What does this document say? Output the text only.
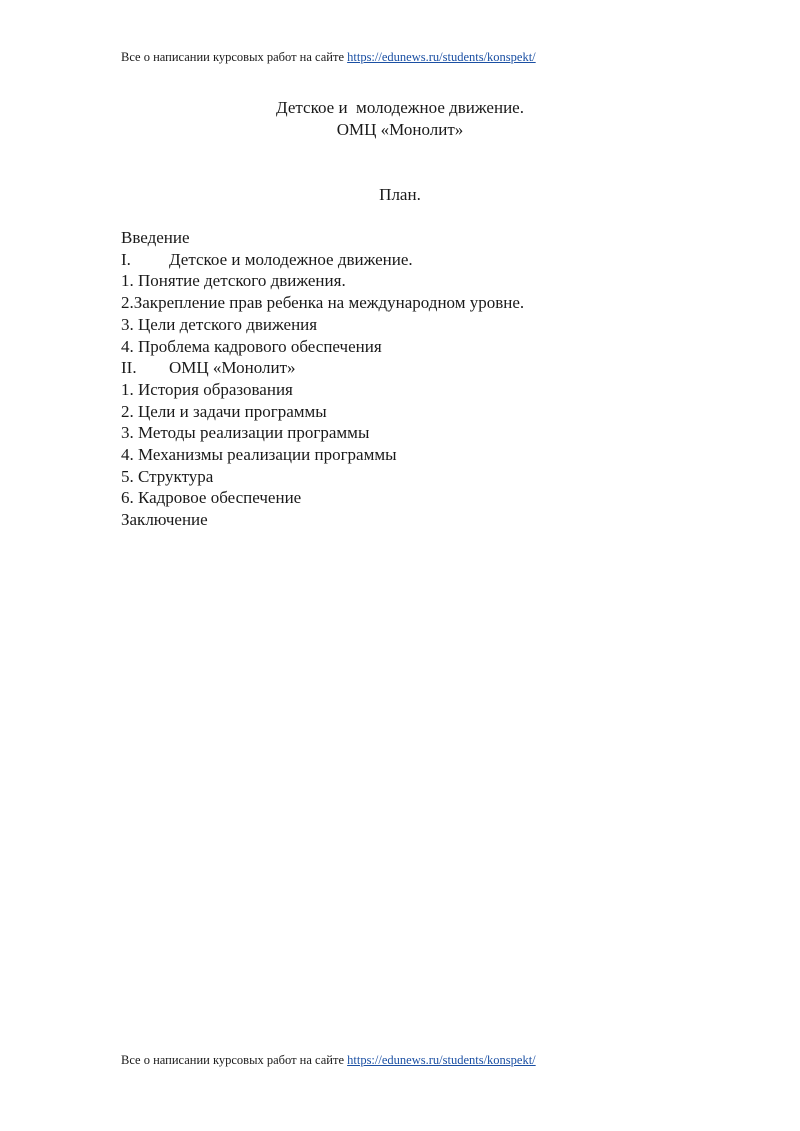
Все о написании курсовых работ на сайте https://edunews.ru/students/konspekt/
Детское и  молодежное движение.
ОМЦ «Монолит»
План.
Введение
I. Детское и молодежное движение.
1. Понятие детского движения.
2.Закрепление прав ребенка на международном уровне.
3. Цели детского движения
4. Проблема кадрового обеспечения
II. ОМЦ «Монолит»
1. История образования
2. Цели и задачи программы
3. Методы реализации программы
4. Механизмы реализации программы
5. Структура
6. Кадровое обеспечение
Заключение
Все о написании курсовых работ на сайте https://edunews.ru/students/konspekt/
